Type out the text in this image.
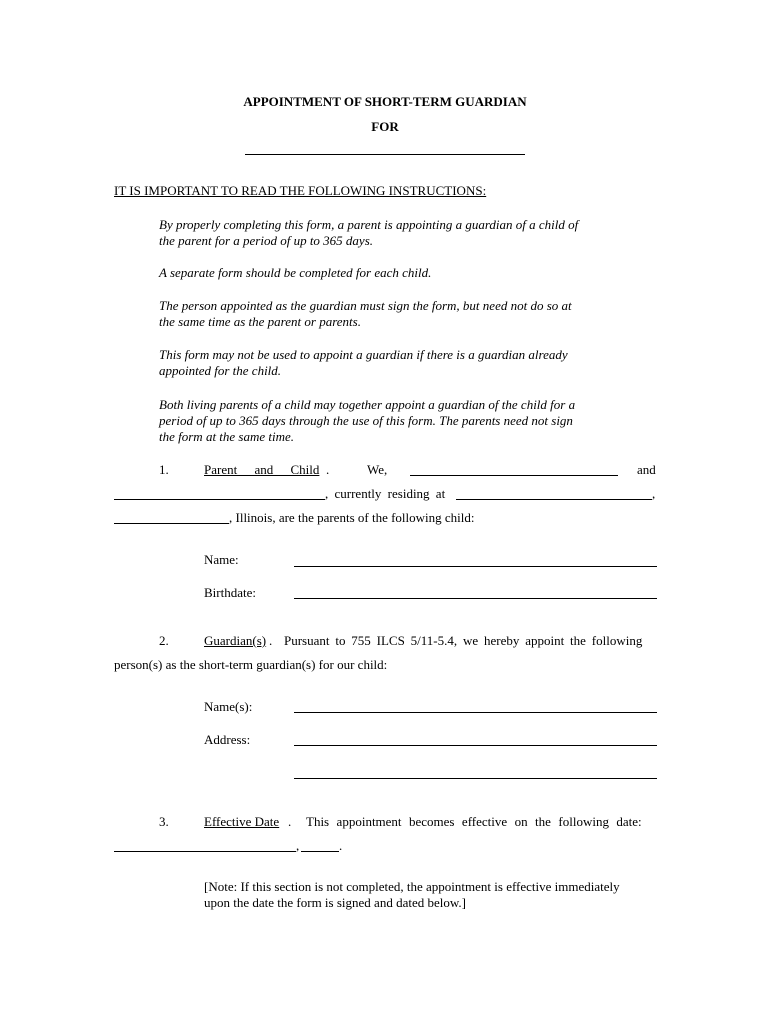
APPOINTMENT OF SHORT-TERM GUARDIAN
FOR
IT IS IMPORTANT TO READ THE FOLLOWING INSTRUCTIONS:
By properly completing this form, a parent is appointing a guardian of a child of
the parent for a period of up to 365 days.
A separate form should be completed for each child.
The person appointed as the guardian must sign the form, but need not do so at
the same time as the parent or parents.
This form may not be used to appoint a guardian if there is a guardian already
appointed for the child.
Both living parents of a child may together appoint a guardian of the child for a
period of up to 365 days through the use of this form. The parents need not sign
the form at the same time.
1.	Parent and Child .	We,	and
, currently residing at	,
, Illinois, are the parents of the following child:
Name:
Birthdate:
2.	Guardian(s) . Pursuant to 755 ILCS 5/11-5.4, we hereby appoint the following
person(s) as the short-term guardian(s) for our child:
Name(s):
Address:
3.	Effective Date . This appointment becomes effective on the following date:
,	.
[Note: If this section is not completed, the appointment is effective immediately
upon the date the form is signed and dated below.]
